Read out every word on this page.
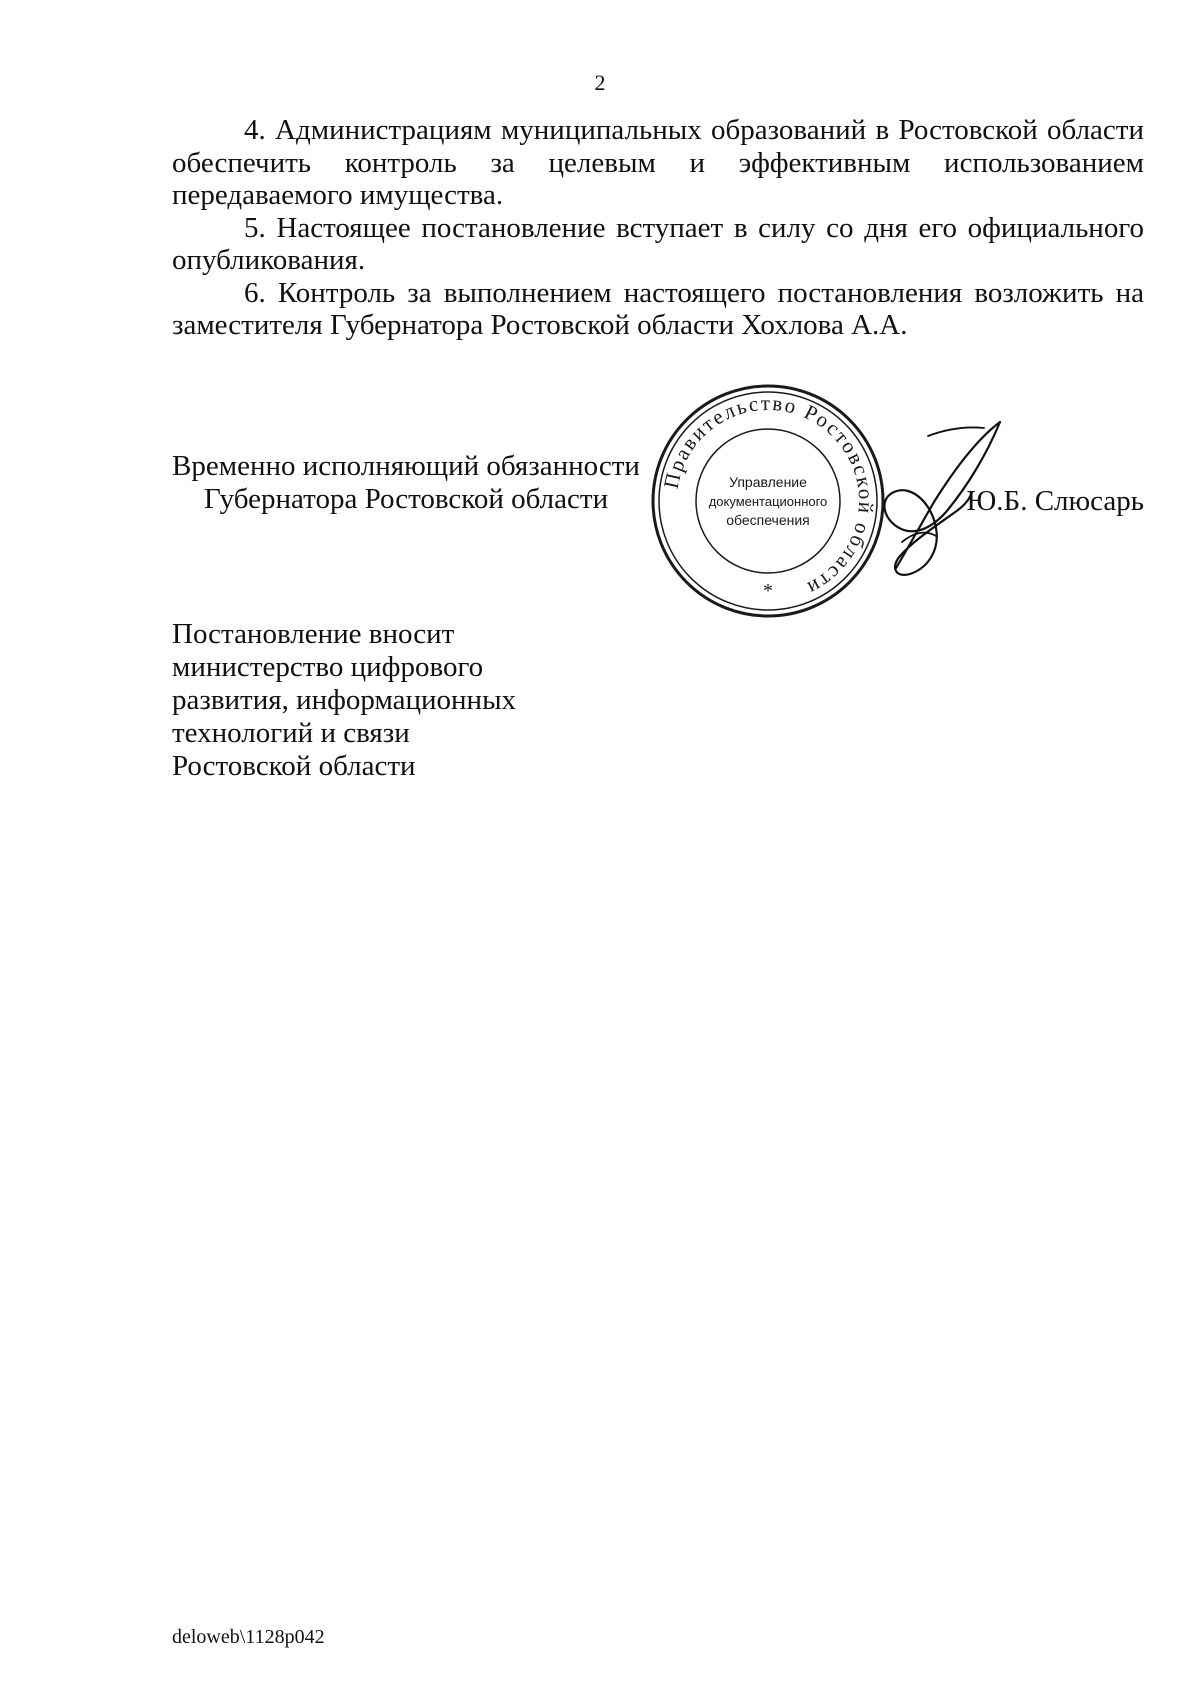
2

4. Администрациям муниципальных образований в Ростовской области обеспечить контроль за целевым и эффективным использованием передаваемого имущества.

5. Настоящее постановление вступает в силу со дня его официального опубликования.

6. Контроль за выполнением настоящего постановления возложить на заместителя Губернатора Ростовской области Хохлова А.А.

Временно исполняющий обязанности
Губернатора Ростовской области
Правительство Ростовской области
Управление
документационного
обеспечения
*
Ю.Б. Слюсарь
Постановление вносит
министерство цифрового
развития, информационных
технологий и связи
Ростовской области
deloweb\1128p042
